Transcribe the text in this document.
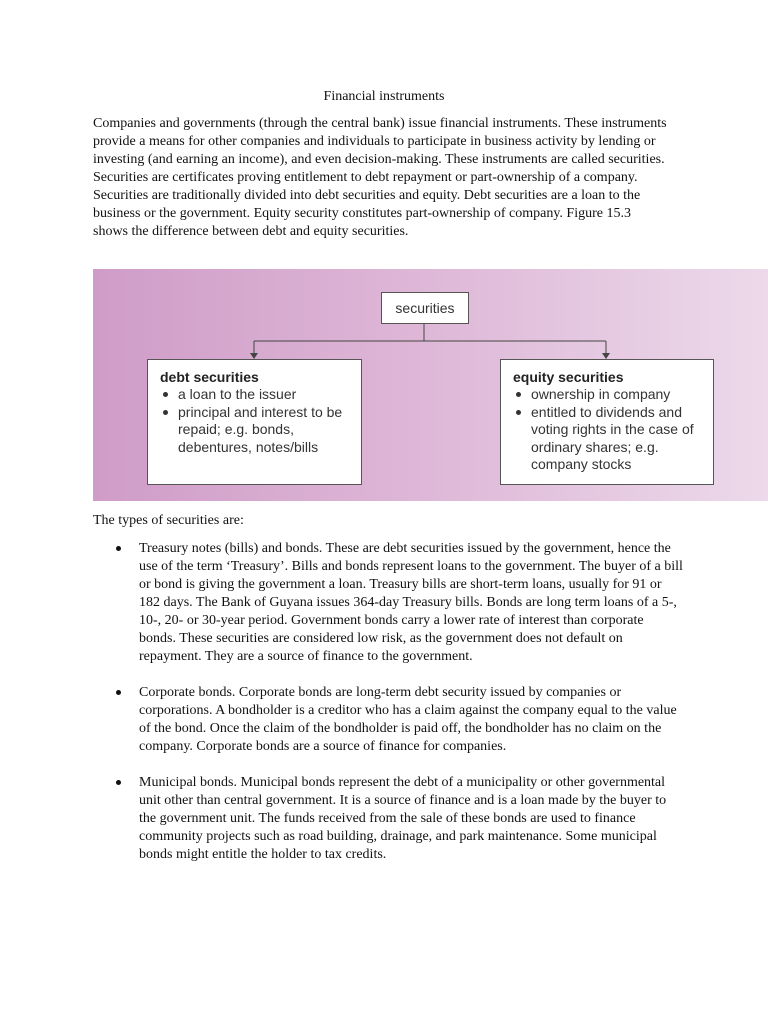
Financial instruments

Companies and governments (through the central bank) issue financial instruments. These instruments provide a means for other companies and individuals to participate in business activity by lending or investing (and earning an income), and even decision-making. These instruments are called securities. Securities are certificates proving entitlement to debt repayment or part-ownership of a company. Securities are traditionally divided into debt securities and equity. Debt securities are a loan to the business or the government. Equity security constitutes part-ownership of company. Figure 15.3 shows the difference between debt and equity securities.

securities
debt securities
a loan to the issuer
principal and interest to be repaid; e.g. bonds, debentures, notes/bills
equity securities
ownership in company
entitled to dividends and voting rights in the case of ordinary shares; e.g. company stocks

The types of securities are:

Treasury notes (bills) and bonds. These are debt securities issued by the government, hence the use of the term ‘Treasury’. Bills and bonds represent loans to the government. The buyer of a bill or bond is giving the government a loan. Treasury bills are short-term loans, usually for 91 or 182 days. The Bank of Guyana issues 364-day Treasury bills. Bonds are long term loans of a 5-, 10-, 20- or 30-year period. Government bonds carry a lower rate of interest than corporate bonds. These securities are considered low risk, as the government does not default on repayment. They are a source of finance to the government.
Corporate bonds. Corporate bonds are long-term debt security issued by companies or corporations. A bondholder is a creditor who has a claim against the company equal to the value of the bond. Once the claim of the bondholder is paid off, the bondholder has no claim on the company. Corporate bonds are a source of finance for companies.
Municipal bonds. Municipal bonds represent the debt of a municipality or other governmental unit other than central government. It is a source of finance and is a loan made by the buyer to the government unit. The funds received from the sale of these bonds are used to finance community projects such as road building, drainage, and park maintenance. Some municipal bonds might entitle the holder to tax credits.
